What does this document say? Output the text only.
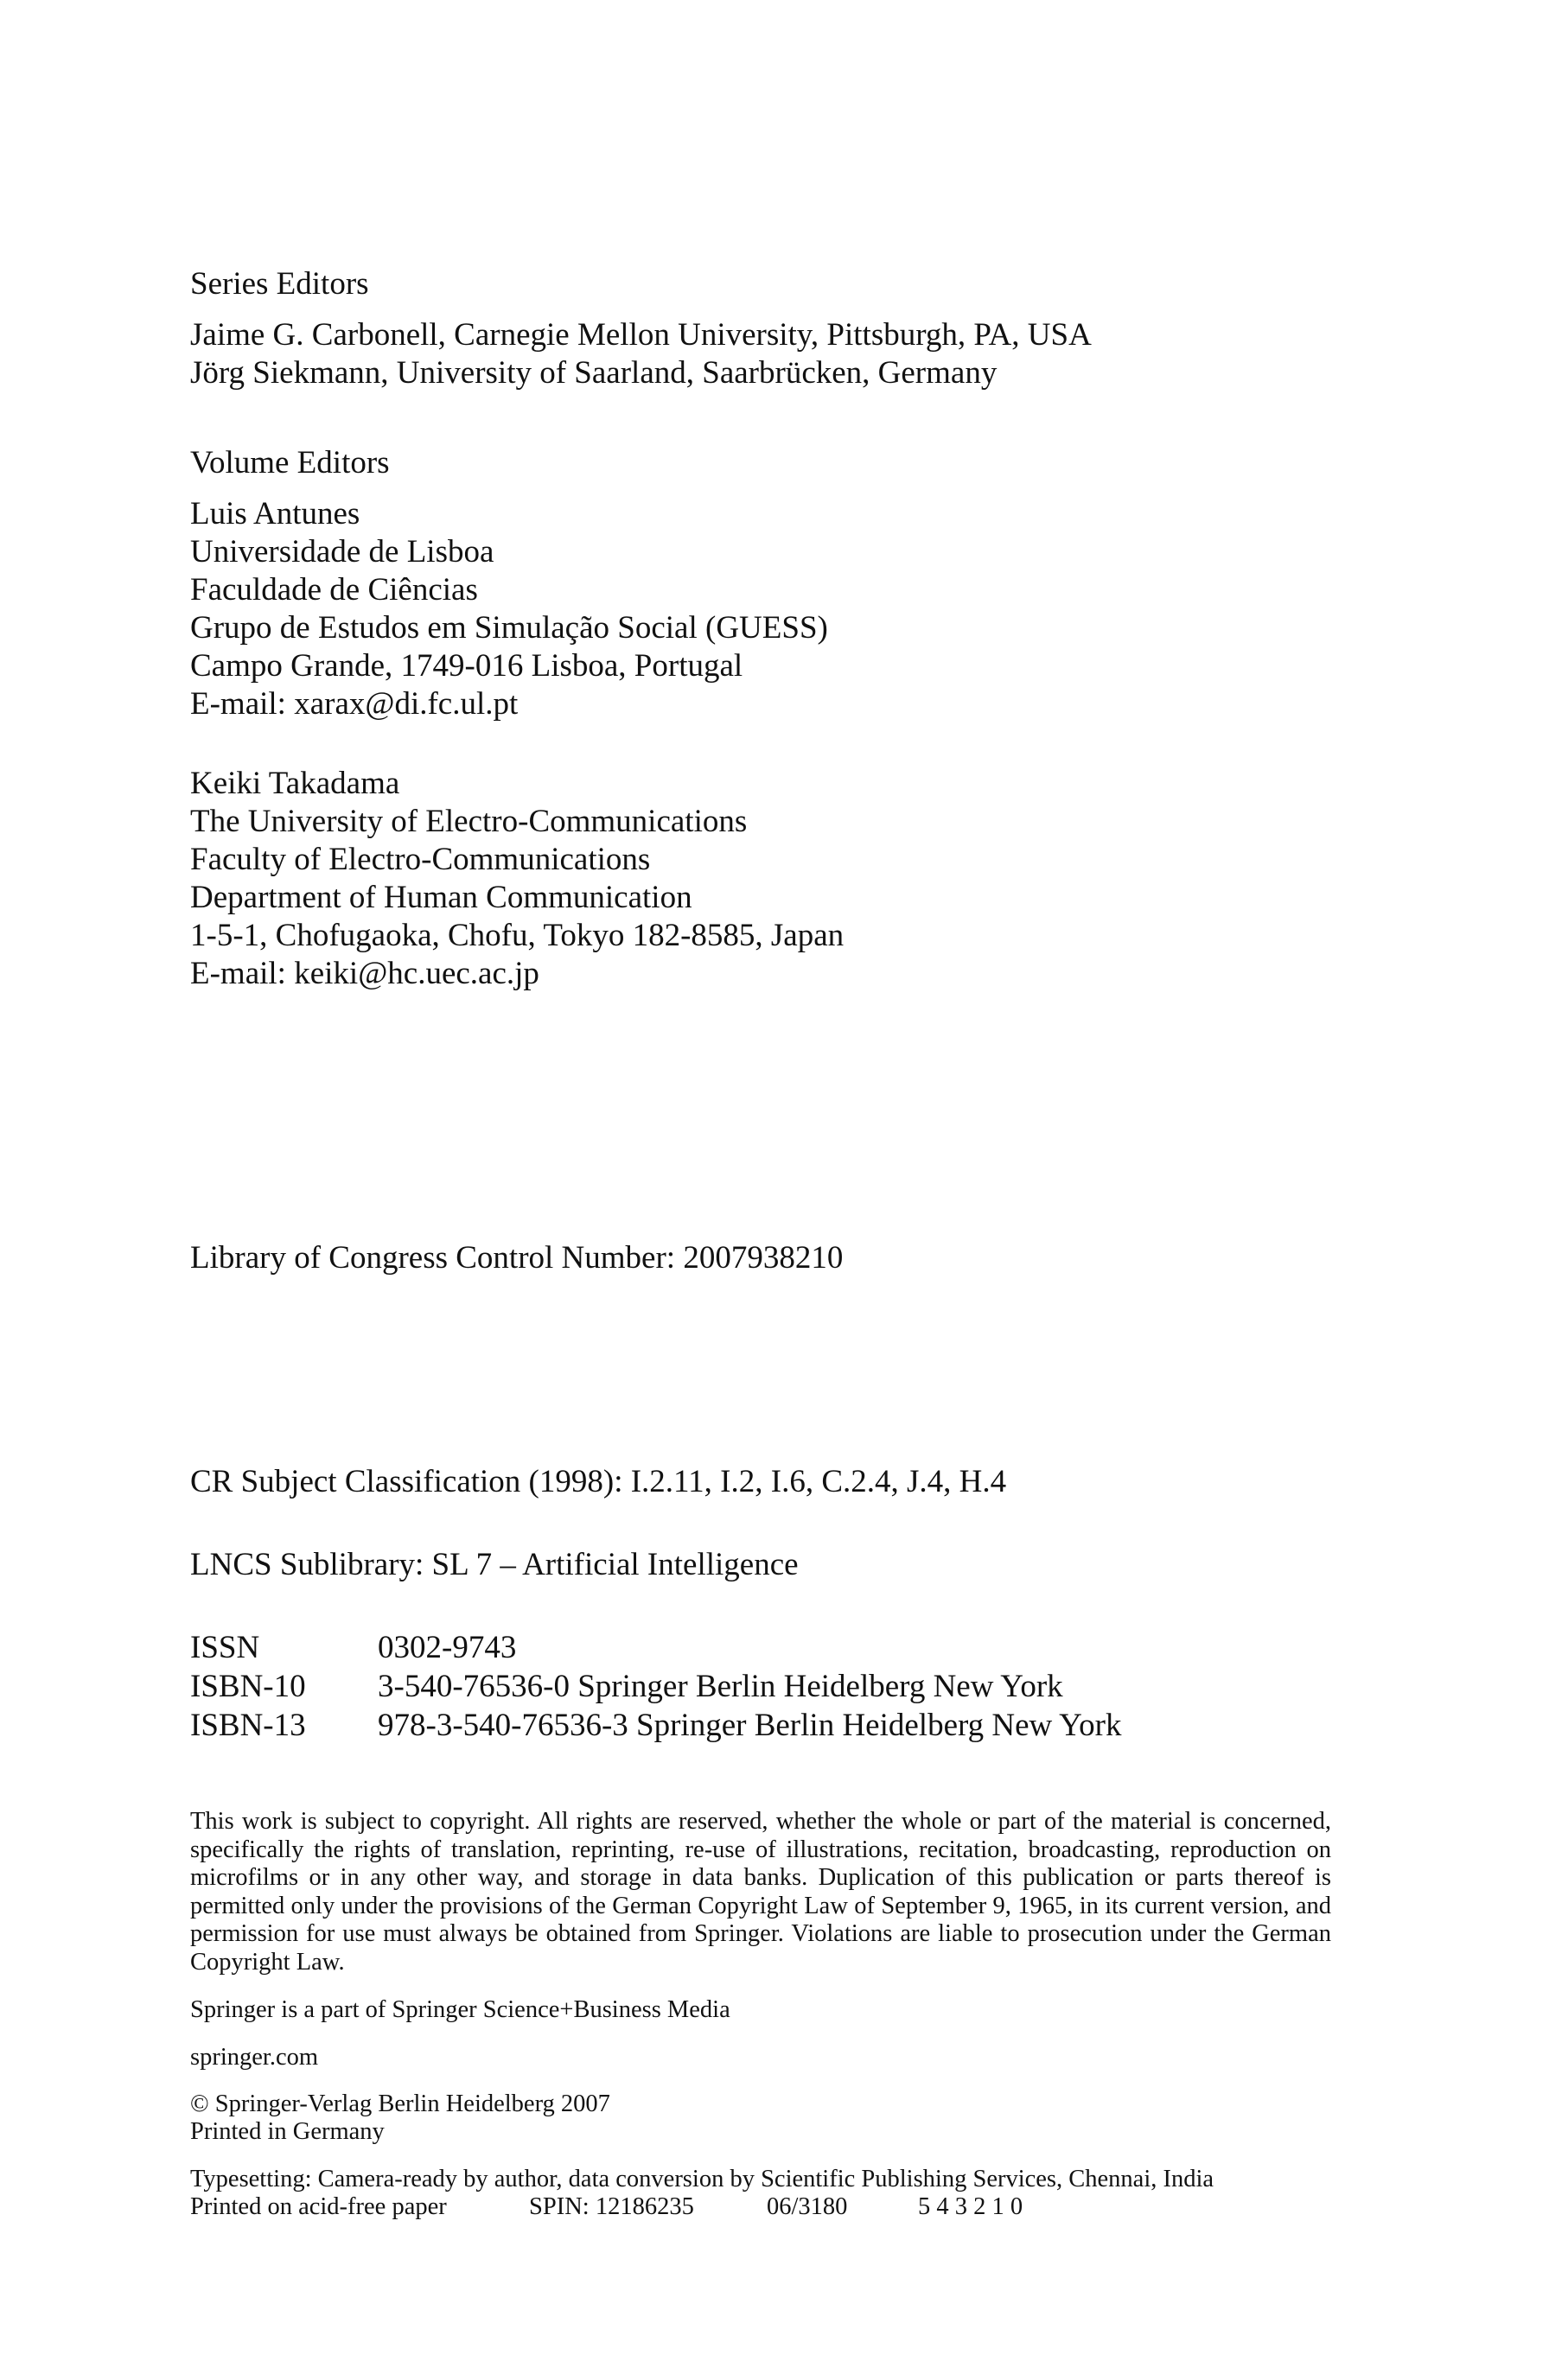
Series Editors
Jaime G. Carbonell, Carnegie Mellon University, Pittsburgh, PA, USA
Jörg Siekmann, University of Saarland, Saarbrücken, Germany
Volume Editors
Luis Antunes
Universidade de Lisboa
Faculdade de Ciências
Grupo de Estudos em Simulação Social (GUESS)
Campo Grande, 1749-016 Lisboa, Portugal
E-mail: xarax@di.fc.ul.pt
Keiki Takadama
The University of Electro-Communications
Faculty of Electro-Communications
Department of Human Communication
1-5-1, Chofugaoka, Chofu, Tokyo 182-8585, Japan
E-mail: keiki@hc.uec.ac.jp
Library of Congress Control Number: 2007938210
CR Subject Classification (1998): I.2.11, I.2, I.6, C.2.4, J.4, H.4
LNCS Sublibrary: SL 7 – Artificial Intelligence
ISSN	0302-9743
ISBN-10 3-540-76536-0 Springer Berlin Heidelberg New York
ISBN-13 978-3-540-76536-3 Springer Berlin Heidelberg New York
This work is subject to copyright. All rights are reserved, whether the whole or part of the material is concerned, specifically the rights of translation, reprinting, re-use of illustrations, recitation, broadcasting, reproduction on microfilms or in any other way, and storage in data banks. Duplication of this publication or parts thereof is permitted only under the provisions of the German Copyright Law of September 9, 1965, in its current version, and permission for use must always be obtained from Springer. Violations are liable to prosecution under the German Copyright Law.
Springer is a part of Springer Science+Business Media
springer.com
© Springer-Verlag Berlin Heidelberg 2007
Printed in Germany
Typesetting: Camera-ready by author, data conversion by Scientific Publishing Services, Chennai, India
Printed on acid-free paper	SPIN: 12186235	06/3180	5 4 3 2 1 0
